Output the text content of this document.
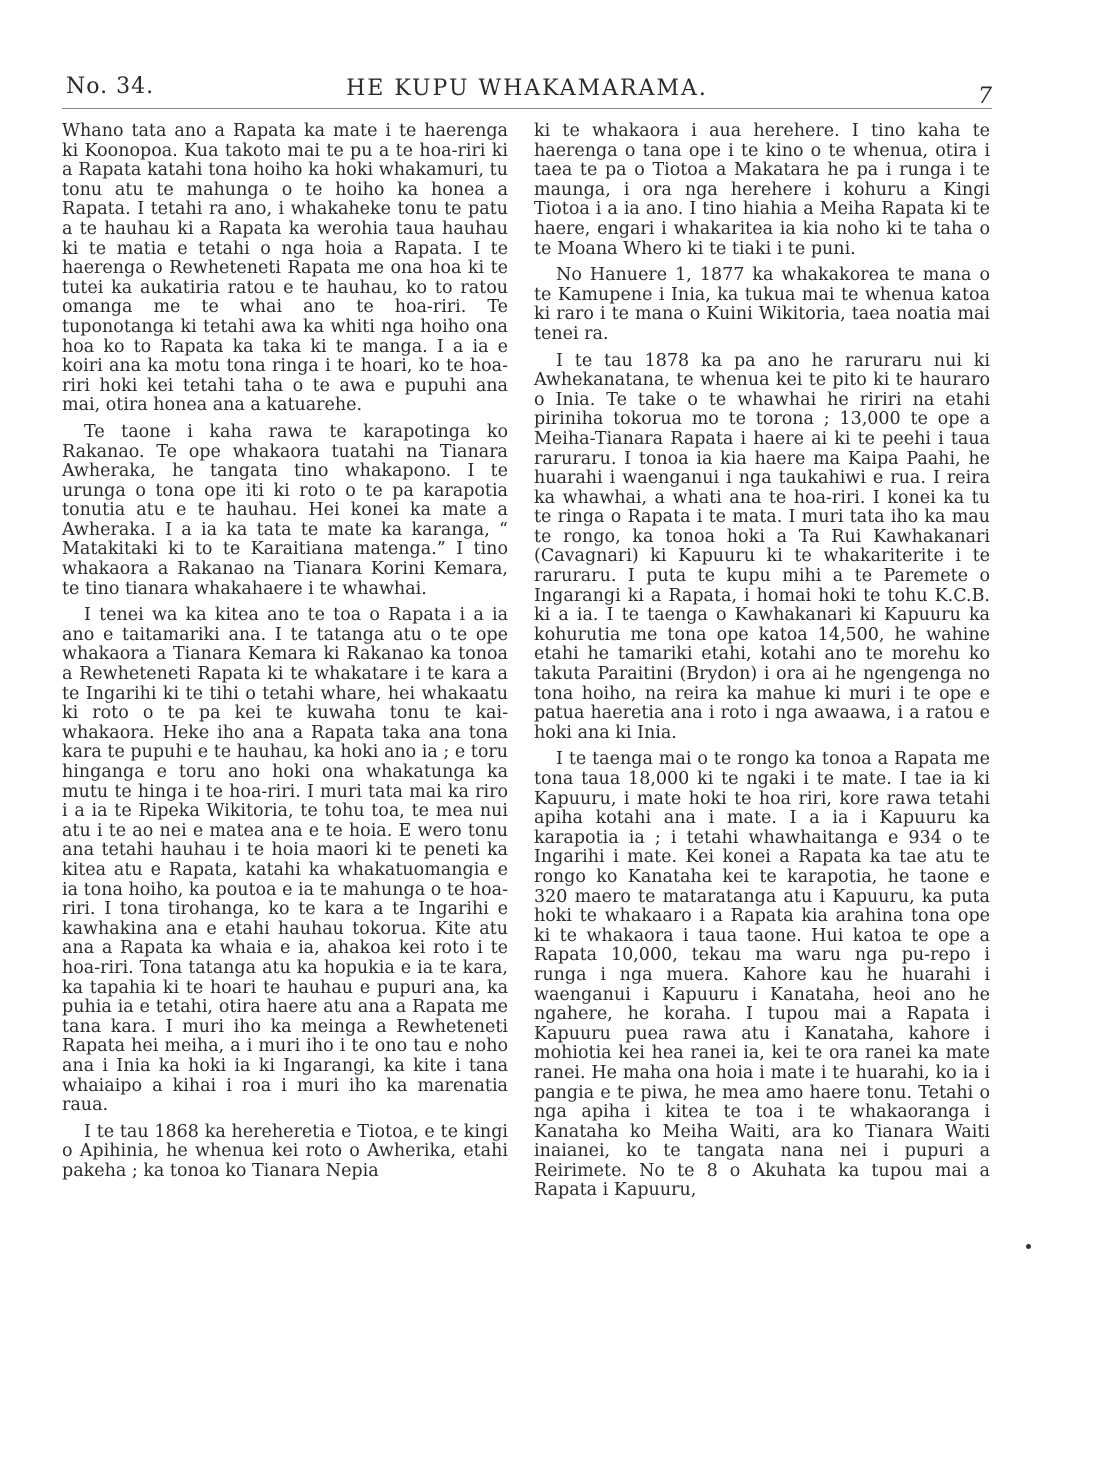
No. 34.	HE KUPU WHAKAMARAMA.	7

Whano tata ano a Rapata ka mate i te haerenga ki Koonopoa. Kua takoto mai te pu a te hoa-riri ki a Rapata katahi tona hoiho ka hoki whakamuri, tu tonu atu te mahunga o te hoiho ka honea a Rapata. I tetahi ra ano, i whakaheke tonu te patu a te hauhau ki a Rapata ka werohia taua hauhau ki te matia e tetahi o nga hoia a Rapata. I te haerenga o Rewheteneti Rapata me ona hoa ki te tutei ka aukatiria ratou e te hauhau, ko to ratou omanga me te whai ano te hoa-riri. Te tuponotanga ki tetahi awa ka whiti nga hoiho ona hoa ko to Rapata ka taka ki te manga. I a ia e koiri ana ka motu tona ringa i te hoari, ko te hoa-riri hoki kei tetahi taha o te awa e pupuhi ana mai, otira honea ana a katuarehe.

Te taone i kaha rawa te karapotinga ko Rakanao. Te ope whakaora tuatahi na Tianara Awheraka, he tangata tino whakapono. I te urunga o tona ope iti ki roto o te pa karapotia tonutia atu e te hauhau. Hei konei ka mate a Awheraka. I a ia ka tata te mate ka karanga, “ Matakitaki ki to te Karaitiana matenga.” I tino whakaora a Rakanao na Tianara Korini Kemara, te tino tianara whakahaere i te whawhai.

I tenei wa ka kitea ano te toa o Rapata i a ia ano e taitamariki ana. I te tatanga atu o te ope whakaora a Tianara Kemara ki Rakanao ka tonoa a Rewheteneti Rapata ki te whakatare i te kara a te Ingarihi ki te tihi o tetahi whare, hei whakaatu ki roto o te pa kei te kuwaha tonu te kai-whakaora. Heke iho ana a Rapata taka ana tona kara te pupuhi e te hauhau, ka hoki ano ia ; e toru hinganga e toru ano hoki ona whakatunga ka mutu te hinga i te hoa-riri. I muri tata mai ka riro i a ia te Ripeka Wikitoria, te tohu toa, te mea nui atu i te ao nei e matea ana e te hoia. E wero tonu ana tetahi hauhau i te hoia maori ki te peneti ka kitea atu e Rapata, katahi ka whakatuomangia e ia tona hoiho, ka poutoa e ia te mahunga o te hoa-riri. I tona tirohanga, ko te kara a te Ingarihi e kawhakina ana e etahi hauhau tokorua. Kite atu ana a Rapata ka whaia e ia, ahakoa kei roto i te hoa-riri. Tona tatanga atu ka hopukia e ia te kara, ka tapahia ki te hoari te hauhau e pupuri ana, ka puhia ia e tetahi, otira haere atu ana a Rapata me tana kara. I muri iho ka meinga a Rewheteneti Rapata hei meiha, a i muri iho i te ono tau e noho ana i Inia ka hoki ia ki Ingarangi, ka kite i tana whaiaipo a kihai i roa i muri iho ka marenatia raua.

I te tau 1868 ka hereheretia e Tiotoa, e te kingi o Apihinia, he whenua kei roto o Awherika, etahi pakeha ; ka tonoa ko Tianara Nepia

ki te whakaora i aua herehere. I tino kaha te haerenga o tana ope i te kino o te whenua, otira i taea te pa o Tiotoa a Makatara he pa i runga i te maunga, i ora nga herehere i kohuru a Kingi Tiotoa i a ia ano. I tino hiahia a Meiha Rapata ki te haere, engari i whakaritea ia kia noho ki te taha o te Moana Whero ki te tiaki i te puni.

No Hanuere 1, 1877 ka whakakorea te mana o te Kamupene i Inia, ka tukua mai te whenua katoa ki raro i te mana o Kuini Wikitoria, taea noatia mai tenei ra.

I te tau 1878 ka pa ano he raruraru nui ki Awhekanatana, te whenua kei te pito ki te hauraro o Inia. Te take o te whawhai he ririri na etahi piriniha tokorua mo te torona ; 13,000 te ope a Meiha-Tianara Rapata i haere ai ki te peehi i taua raruraru. I tonoa ia kia haere ma Kaipa Paahi, he huarahi i waenganui i nga taukahiwi e rua. I reira ka whawhai, a whati ana te hoa-riri. I konei ka tu te ringa o Rapata i te mata. I muri tata iho ka mau te rongo, ka tonoa hoki a Ta Rui Kawhakanari (Cavagnari) ki Kapuuru ki te whakariterite i te raruraru. I puta te kupu mihi a te Paremete o Ingarangi ki a Rapata, i homai hoki te tohu K.C.B. ki a ia. I te taenga o Kawhakanari ki Kapuuru ka kohurutia me tona ope katoa 14,500, he wahine etahi he tamariki etahi, kotahi ano te morehu ko takuta Paraitini (Brydon) i ora ai he ngengenga no tona hoiho, na reira ka mahue ki muri i te ope e patua haeretia ana i roto i nga awaawa, i a ratou e hoki ana ki Inia.

I te taenga mai o te rongo ka tonoa a Rapata me tona taua 18,000 ki te ngaki i te mate. I tae ia ki Kapuuru, i mate hoki te hoa riri, kore rawa tetahi apiha kotahi ana i mate. I a ia i Kapuuru ka karapotia ia ; i tetahi whawhaitanga e 934 o te Ingarihi i mate. Kei konei a Rapata ka tae atu te rongo ko Kanataha kei te karapotia, he taone e 320 maero te mataratanga atu i Kapuuru, ka puta hoki te whakaaro i a Rapata kia arahina tona ope ki te whakaora i taua taone. Hui katoa te ope a Rapata 10,000, tekau ma waru nga pu-repo i runga i nga muera. Kahore kau he huarahi i waenganui i Kapuuru i Kanataha, heoi ano he ngahere, he koraha. I tupou mai a Rapata i Kapuuru puea rawa atu i Kanataha, kahore i mohiotia kei hea ranei ia, kei te ora ranei ka mate ranei. He maha ona hoia i mate i te huarahi, ko ia i pangia e te piwa, he mea amo haere tonu. Tetahi o nga apiha i kitea te toa i te whakaoranga i Kanataha ko Meiha Waiti, ara ko Tianara Waiti inaianei, ko te tangata nana nei i pupuri a Reirimete. No te 8 o Akuhata ka tupou mai a Rapata i Kapuuru,
